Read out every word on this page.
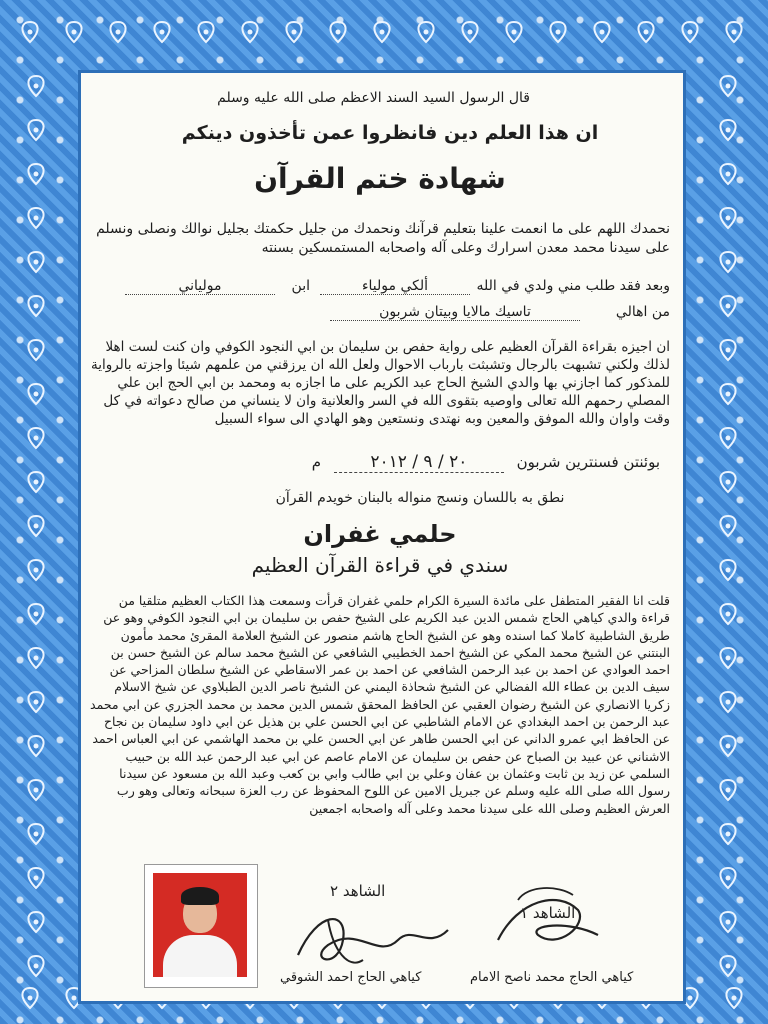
قال الرسول السيد السند الاعظم صلى الله عليه وسلم
ان هذا العلم دين فانظروا عمن تأخذون دينكم
شهادة ختم القرآن
نحمدك اللهم على ما انعمت علينا بتعليم قرآنك ونحمدك من جليل حكمتك بجليل نوالك ونصلى ونسلم على سيدنا محمد معدن اسرارك وعلى آله واصحابه المستمسكين بسنته
وبعد فقد طلب مني ولدي في الله
ألكي مولياء
ابن
مولياني
من اهالي
تاسيك مالايا وبيتان شربون
ان اجيزه بقراءة القرآن العظيم على رواية حفص بن سليمان بن ابي النجود الكوفي وان كنت لست اهلا لذلك ولكني تشبهت بالرجال وتشبثت بارباب الاحوال ولعل الله ان يرزقني من علمهم شيئا واجزته بالرواية للمذكور كما اجازني بها والدي الشيخ الحاج عبد الكريم على ما اجازه به ومحمد بن ابي الحج ابن علي المصلي رحمهم الله تعالى واوصيه بتقوى الله في السر والعلانية وان لا ينساني من صالح دعواته في كل وقت واوان والله الموفق والمعين وبه نهتدى ونستعين وهو الهادي الى سواء السبيل
بوئنتن فسنترين شربون ٢٠ / ٩ / ٢٠١٢ م
نطق به باللسان ونسج منواله بالبنان خويدم القرآن
حلمي غفران
سندي في قراءة القرآن العظيم
قلت انا الفقير المتطفل على مائدة السيرة الكرام حلمي غفران قرأت وسمعت هذا الكتاب العظيم متلقيا من قراءة والدي كياهي الحاج شمس الدين عبد الكريم على الشيخ حفص بن سليمان بن ابي النجود الكوفي وهو عن طريق الشاطبية كاملا كما اسنده وهو عن الشيخ الحاج هاشم منصور عن الشيخ العلامة المقرئ محمد مأمون البنتني عن الشيخ محمد المكي عن الشيخ احمد الخطيبي الشافعي عن الشيخ محمد سالم عن الشيخ حسن بن احمد العوادي عن احمد بن عبد الرحمن الشافعي عن احمد بن عمر الاسقاطي عن الشيخ سلطان المزاحي عن سيف الدين بن عطاء الله الفضالي عن الشيخ شحاذة اليمني عن الشيخ ناصر الدين الطبلاوي عن شيخ الاسلام زكريا الانصاري عن الشيخ رضوان العقبي عن الحافظ المحقق شمس الدين محمد بن محمد الجزري عن ابي محمد عبد الرحمن بن احمد البغدادي عن الامام الشاطبي عن ابي الحسن علي بن هذيل عن ابي داود سليمان بن نجاح عن الحافظ ابي عمرو الداني عن ابي الحسن طاهر عن ابي الحسن علي بن محمد الهاشمي عن ابي العباس احمد الاشناني عن عبيد بن الصباح عن حفص بن سليمان عن الامام عاصم عن ابي عبد الرحمن عبد الله بن حبيب السلمي عن زيد بن ثابت وعثمان بن عفان وعلي بن ابي طالب وابي بن كعب وعبد الله بن مسعود عن سيدنا رسول الله صلى الله عليه وسلم عن جبريل الامين عن اللوح المحفوظ عن رب العزة سبحانه وتعالى وهو رب العرش العظيم وصلى الله على سيدنا محمد وعلى آله واصحابه اجمعين
الشاهد ٢
كياهي الحاج احمد الشوقي
الشاهد ١
كياهي الحاج محمد ناصح الامام
